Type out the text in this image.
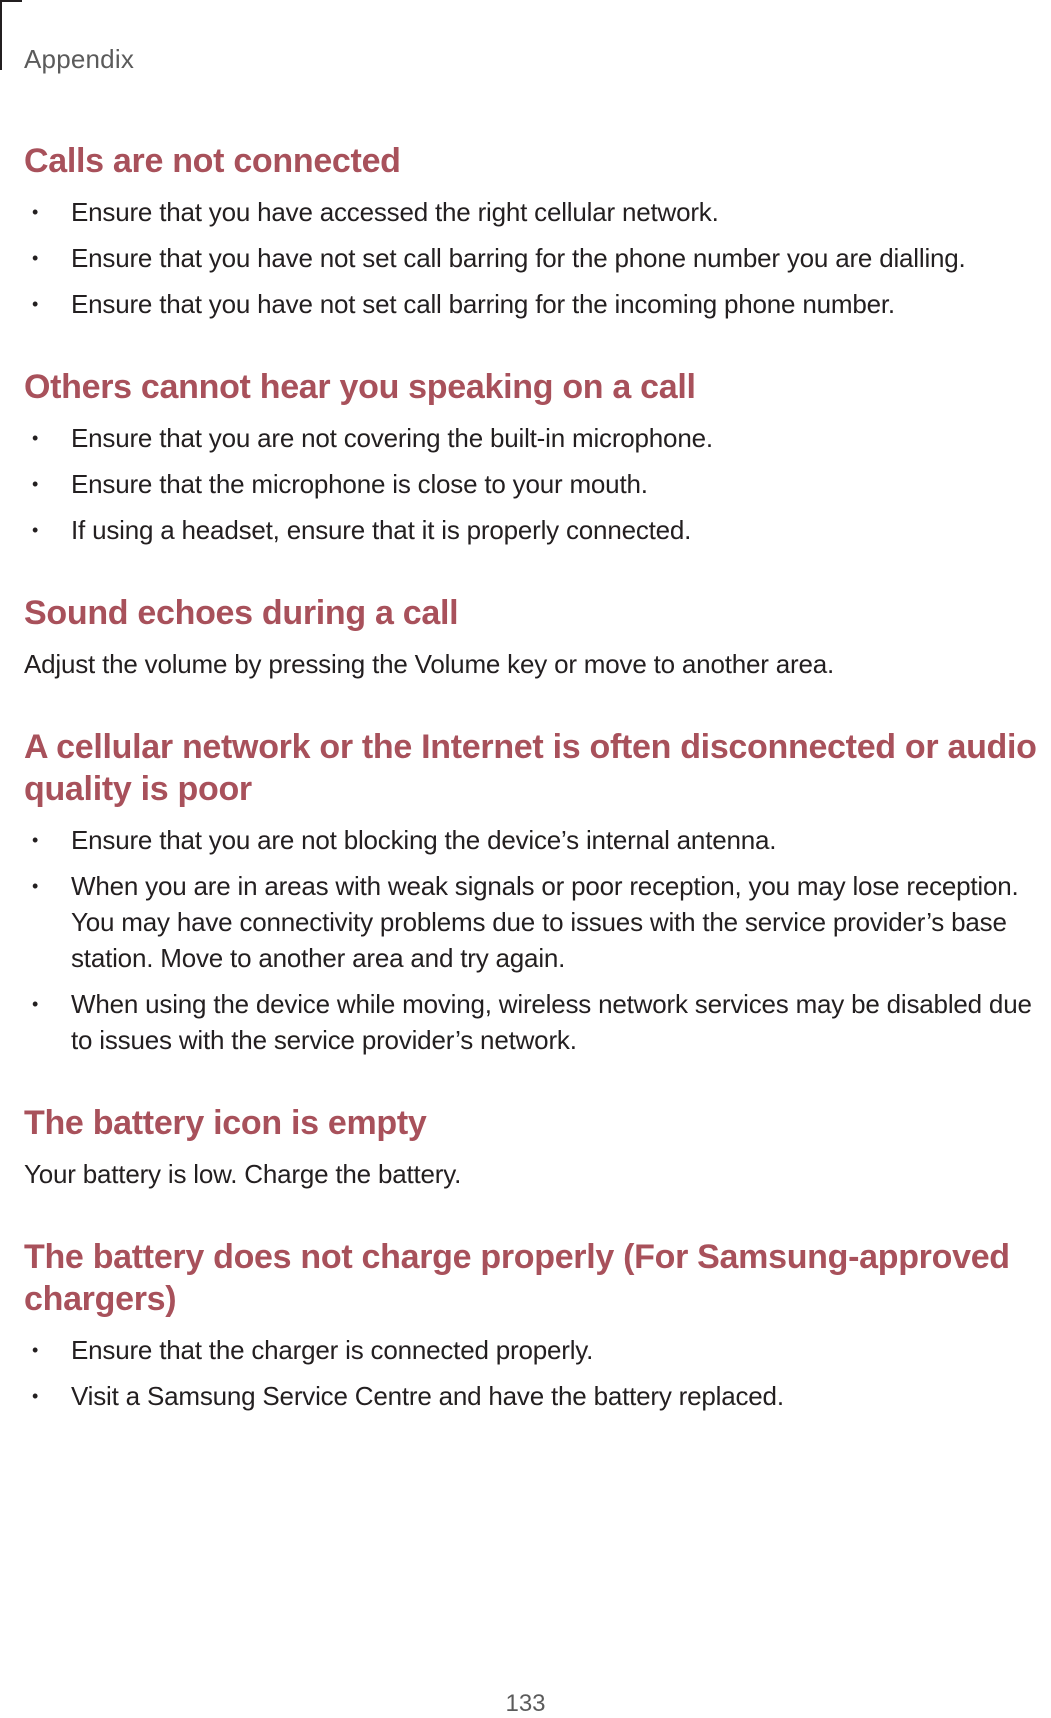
Appendix
Calls are not connected
• Ensure that you have accessed the right cellular network.
• Ensure that you have not set call barring for the phone number you are dialling.
• Ensure that you have not set call barring for the incoming phone number.
Others cannot hear you speaking on a call
• Ensure that you are not covering the built-in microphone.
• Ensure that the microphone is close to your mouth.
• If using a headset, ensure that it is properly connected.
Sound echoes during a call

Adjust the volume by pressing the Volume key or move to another area.

A cellular network or the Internet is often disconnected or audio quality is poor
• Ensure that you are not blocking the device’s internal antenna.
• When you are in areas with weak signals or poor reception, you may lose reception. You may have connectivity problems due to issues with the service provider’s base station. Move to another area and try again.
• When using the device while moving, wireless network services may be disabled due to issues with the service provider’s network.
The battery icon is empty

Your battery is low. Charge the battery.

The battery does not charge properly (For Samsung-approved chargers)
• Ensure that the charger is connected properly.
• Visit a Samsung Service Centre and have the battery replaced.
133
